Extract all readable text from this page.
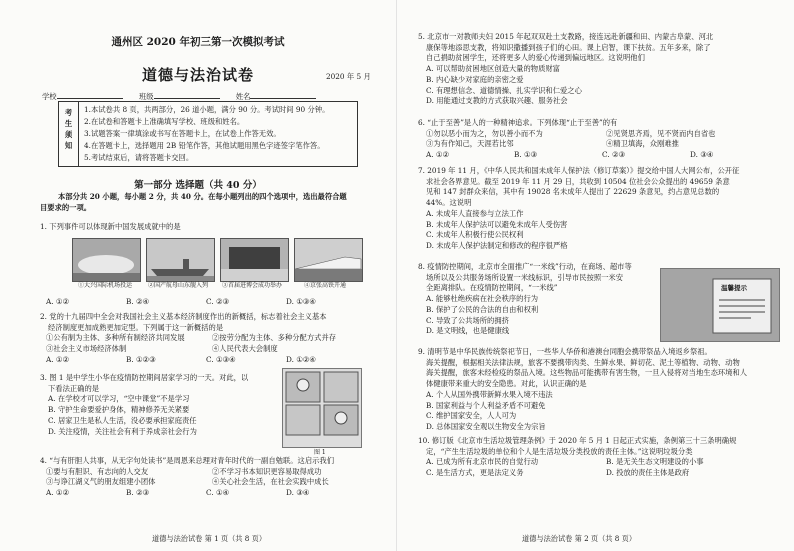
通州区 2020 年初三第一次模拟考试
道德与法治试卷	2020 年 5 月
学校	班级	姓名
考
生
须
知

1.本试卷共 8 页，共两部分，26 道小题，满分 90 分。考试时间 90 分钟。

2.在试卷和答题卡上准确填写学校、班级和姓名。

3.试题答案一律填涂或书写在答题卡上，在试卷上作答无效。

4.在答题卡上，选择题用 2B 铅笔作答，其他试题用黑色字迹签字笔作答。

5.考试结束后，请将答题卡交回。

第一部分 选择题（共 40 分）

本部分共 20 小题，每小题 2 分，共 40 分。在每小题列出的四个选项中，选出最符合题

目要求的一项。

1. 下列事件可以体现新中国发展成就中的是

①大兴国际机场投运	②国产航母山东舰入列	③首届进博会成功举办	④京张高铁开通
A. ①②	B. ②④	C. ②③	D. ①③④

2. 党的十九届四中全会对我国社会主义基本经济制度作出的新概括，标志着社会主义基本

经济制度更加成熟更加定型。下列属于这一新概括的是

①公有制为主体、多种所有制经济共同发展	②按劳分配为主体、多种分配方式并存

③社会主义市场经济体制	④人民代表大会制度

A. ①②	B. ①②③	C. ①③④	D. ①②④

3. 图 1 是中学生小华在疫情防控期间居家学习的一天。对此，以

下看法正确的是

A. 在学校才可以学习，“空中课堂”不是学习

B. 守护生命要爱护身体，精神修养无关紧要

C. 居家卫生是私人生活，没必要承担家庭责任

D. 关注疫情，关注社会有利于养成亲社会行为

图 1

4. “与有肝胆人共事，从无字句处读书”是周恩来总理对青年时代的一副自勉联。这启示我们

①要与有胆识、有志向的人交友	②不学习书本知识更容易取得成功

③与诤江湖义气的朋友组建小团体	④关心社会生活，在社会实践中成长

A. ①②	B. ②③	C. ①④	D. ③④

道德与法治试卷 第 1 页（共 8 页）

5. 北京市一对教师夫妇 2015 年起双双赴土支教路，接连远赴新疆和田、内蒙古阜蒙、河北

康保等地添思支教，将知识撒播到孩子们的心田。课上启智，课下扶贫。五年多来，除了

自己捐助贫困学生，还将更多人的爱心传递到偏远地区。这说明他们

A. 可以帮助贫困地区创造大量的物质财富

B. 内心缺少对家庭的亲密之爱

C. 有理想信念、道德情操、扎实学识和仁爱之心

D. 用能通过支教的方式获取兴趣、服务社会

6. “止于至善”是人的一种精神追求。下列体现“止于至善”的有

①勿以恶小而为之，勿以善小而不为	②见贤思齐焉，见不贤而内自省也

③为有作知己，天涯若比邻	④精卫填海，众刚难推

A. ①②	B. ①③	C. ②③	D. ③④

7. 2019 年 11 月，《中华人民共和国未成年人保护法（修订草案）》提交给中国人大网公布，公开征

求社会各界意见。截至 2019 年 11 月 29 日，共收到 10504 位社会公众提出的 49659 条意

见和 147 封群众来信，其中有 19028 名未成年人提出了 22629 条意见，约占意见总数的

44%。这说明

A. 未成年人直接参与立法工作

B. 未成年人保护法可以避免未成年人受伤害

C. 未成年人积极行使公民权利

D. 未成年人保护法制定和修改的程序很严格

8. 疫情防控期间，北京市全面推广“一米线”行动，在商场、超市等

场所以及公共服务场所设置一米线标识，引导市民按照一米安

全距离排队。在疫情防控期间，“一米线”

A. 能够杜绝疾病在社会秩序的行为

B. 保护了公民的合法的自由和权利

C. 导致了公共场所的拥挤

D. 是文明线，也是健康线

温馨提示

9. 清明节是中华民族传统祭祀节日，一些华人华侨和港澳台同胞会携带祭品入境返乡祭祖。

海关提醒，根据相关法律法规，旅客不要携带肉类、生鲜水果、鲜切花、泥土等植物、动物、动物

海关提醒，旅客未经检疫的祭品入境。这些物品可能携带有害生物，一旦入侵将对当地生态环境和人

体健康带来重大的安全隐患。对此，认识正确的是

A. 个人从国外携带新鲜水果入境不违法

B. 国家利益与个人利益矛盾不可避免

C. 维护国家安全，人人可为

D. 总体国家安全观以生物安全为宗旨

10. 修订版《北京市生活垃圾管理条例》于 2020 年 5 月 1 日起正式实施，条例第三十三条明确规

定，“产生生活垃圾的单位和个人是生活垃圾分类投放的责任主体。”这说明垃圾分类

A. 已成为所有北京市民的自觉行动	B. 是无关生态文明建设的小事

C. 是生活方式，更是法定义务	D. 投放的责任主体是政府

道德与法治试卷 第 2 页（共 8 页）
